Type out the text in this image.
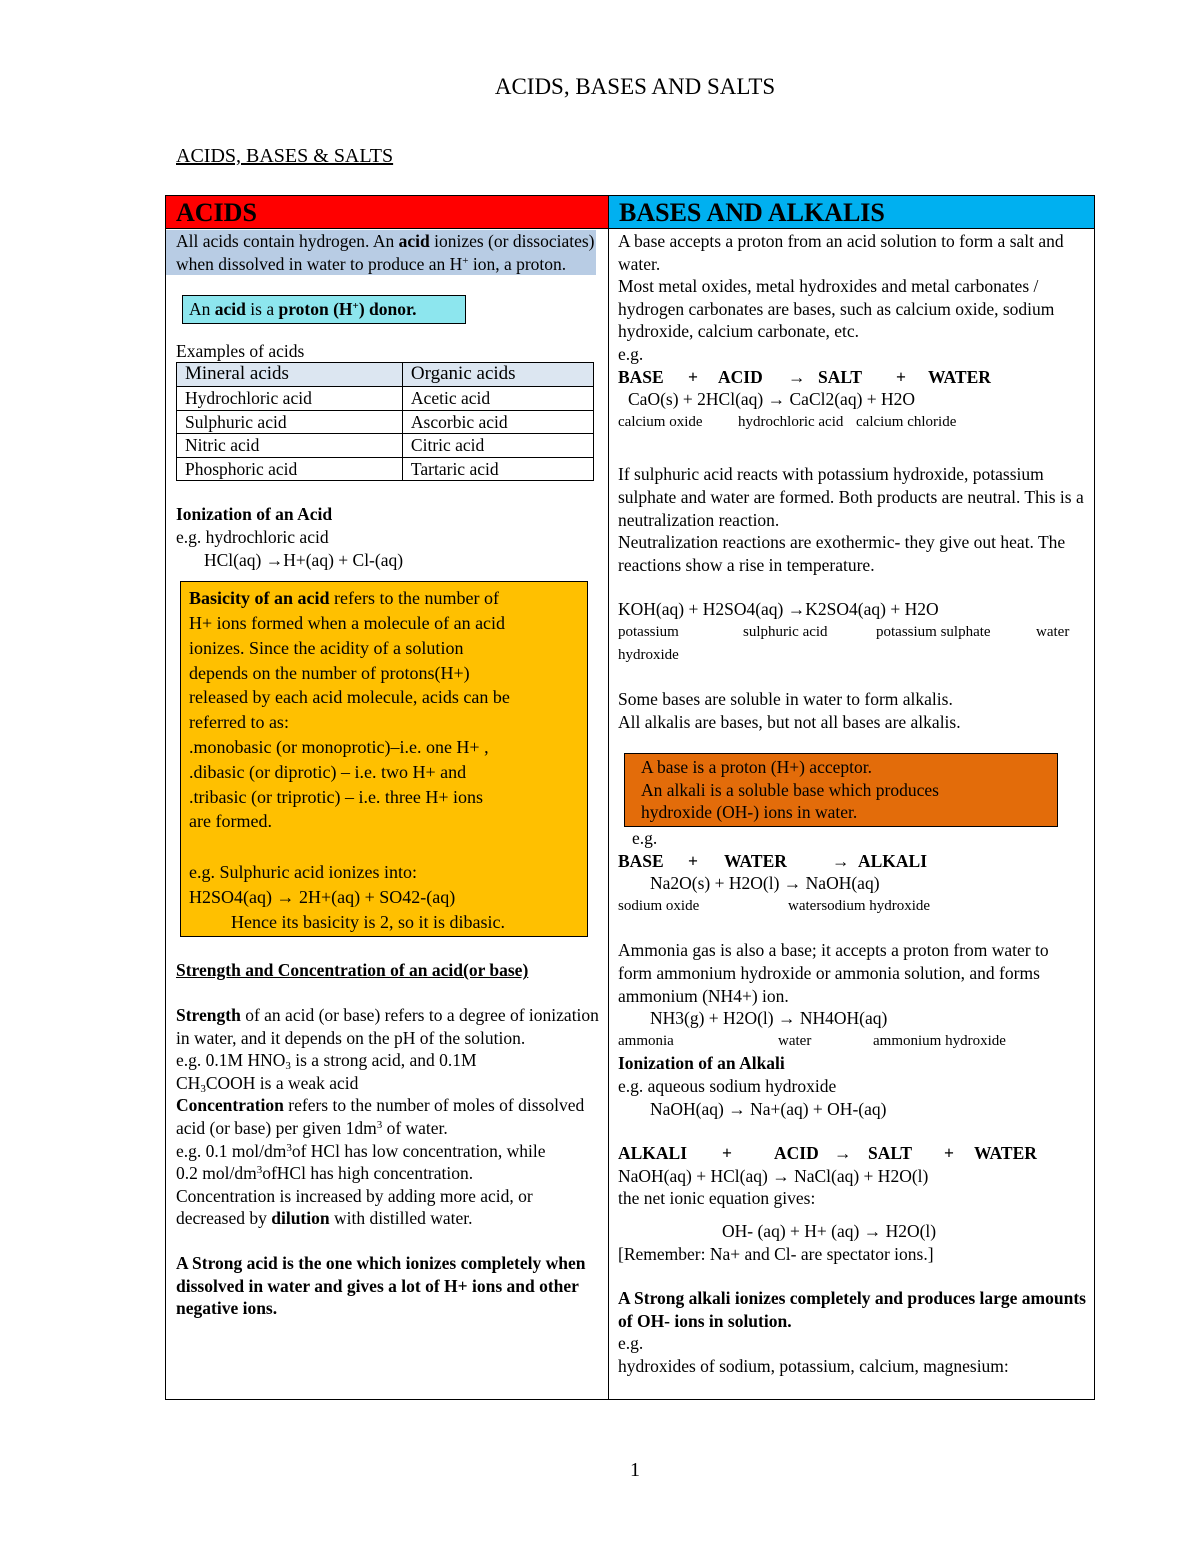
ACIDS, BASES AND SALTS
ACIDS, BASES & SALTS
ACIDS	BASES AND ALKALIS

All acids contain hydrogen. An acid ionizes (or dissociates) when dissolved in water to produce an H+ ion, a proton.

An acid is a proton (H+) donor.

Examples of acids

Mineral acids	Organic acids
Hydrochloric acid	Acetic acid
Sulphuric acid	Ascorbic acid
Nitric acid	Citric acid
Phosphoric acid	Tartaric acid

Ionization of an Acid

e.g. hydrochloric acid

HCl(aq) →H+(aq) + Cl-(aq)

Basicity of an acid refers to the number of

H+ ions formed when a molecule of an acid

ionizes. Since the acidity of a solution

depends on the number of protons(H+)

released by each acid molecule, acids can be

referred to as:

.monobasic (or monoprotic)–i.e. one H+ ,

.dibasic (or diprotic) – i.e. two H+ and

.tribasic (or triprotic) – i.e. three H+ ions

are formed.

e.g. Sulphuric acid ionizes into:

H2SO4(aq) → 2H+(aq) + SO42-(aq)

Hence its basicity is 2, so it is dibasic.

Strength and Concentration of an acid(or base)

Strength of an acid (or base) refers to a degree of ionization in water, and it depends on the pH of the solution.

e.g. 0.1M $HNO_3$ is a strong acid, and 0.1M
$CH_3COOH$ is a weak acid

Concentration refers to the number of moles of dissolved acid (or base) per given $1dm^3$ of water.

e.g. 0.1 mol/$dm^3of$ HCl has low concentration, while
0.2 mol/$dm^3ofHCl$ has high concentration.

Concentration is increased by adding more acid, or decreased by dilution with distilled water.

A Strong acid is the one which ionizes completely when dissolved in water and gives a lot of H+ ions and other negative ions.

A base accepts a proton from an acid solution to form a salt and water.

Most metal oxides, metal hydroxides and metal carbonates / hydrogen carbonates are bases, such as calcium oxide, sodium hydroxide, calcium carbonate, etc.

e.g.

BASE	+	ACID	→ SALT	+	WATER

CaO(s) + 2HCl(aq) → CaCl2(aq) + H2O

calcium oxide	hydrochloric acid calcium chloride

If sulphuric acid reacts with potassium hydroxide, potassium sulphate and water are formed. Both products are neutral. This is a neutralization reaction.

Neutralization reactions are exothermic- they give out heat. The reactions show a rise in temperature.

KOH(aq) + H2SO4(aq) →K2SO4(aq) + H2O

potassium hydroxide
sulphuric acid	potassium sulphate	water

Some bases are soluble in water to form alkalis.

All alkalis are bases, but not all bases are alkalis.

A base is a proton (H+) acceptor.

An alkali is a soluble base which produces

hydroxide (OH-) ions in water.

e.g.

BASE	+	WATER	→ ALKALI

Na2O(s) + H2O(l) → NaOH(aq)

sodium oxide	water sodium hydroxide

Ammonia gas is also a base; it accepts a proton from water to form ammonium hydroxide or ammonia solution, and forms ammonium (NH4+) ion.

NH3(g) + H2O(l) → NH4OH(aq)

ammonia	water	ammonium hydroxide

Ionization of an Alkali

e.g. aqueous sodium hydroxide

NaOH(aq) → Na+(aq) + OH-(aq)

ALKALI	+	ACID → SALT	+	WATER

NaOH(aq) + HCl(aq) → NaCl(aq) + H2O(l)

the net ionic equation gives:

OH- (aq) + H+ (aq) → H2O(l)

[Remember: Na+ and Cl- are spectator ions.]

A Strong alkali ionizes completely and produces large amounts of OH- ions in solution.

e.g.

hydroxides of sodium, potassium, calcium, magnesium:

1
